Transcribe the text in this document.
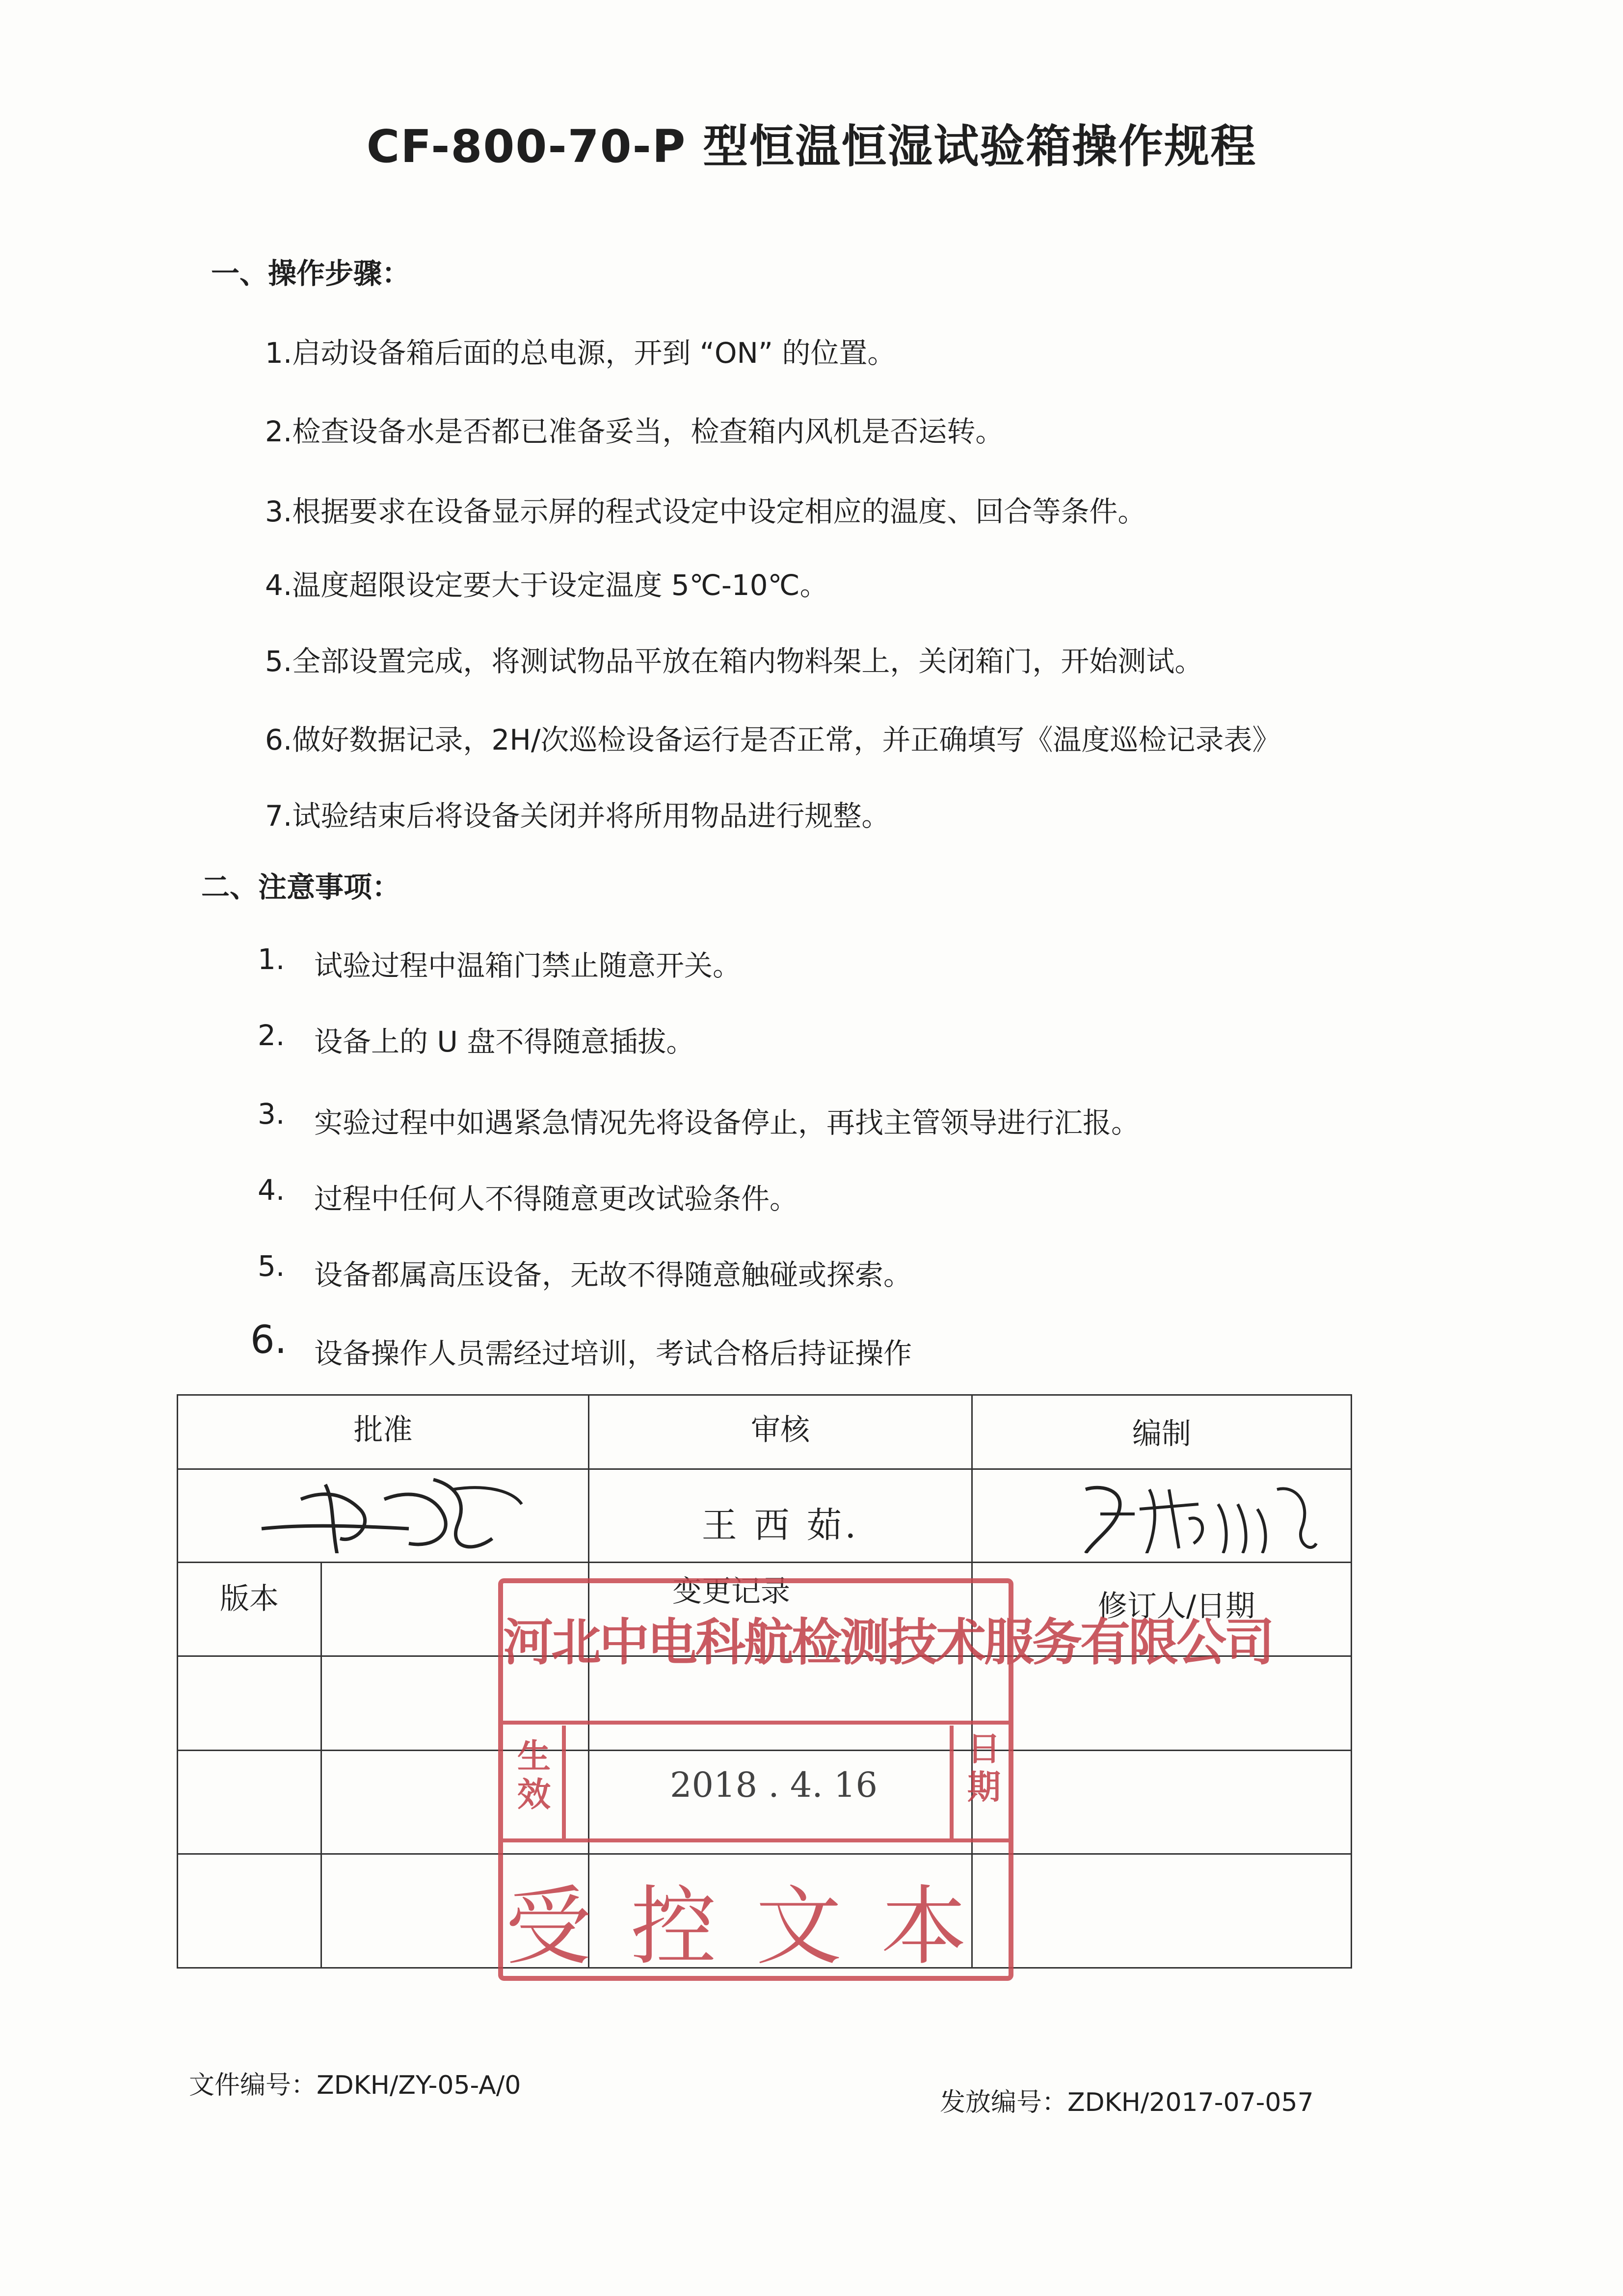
CF-800-70-P 型恒温恒湿试验箱操作规程
一、操作步骤：
1.启动设备箱后面的总电源，开到 “ON” 的位置。
2.检查设备水是否都已准备妥当，检查箱内风机是否运转。
3.根据要求在设备显示屏的程式设定中设定相应的温度、回合等条件。
4.温度超限设定要大于设定温度 5℃-10℃。
5.全部设置完成，将测试物品平放在箱内物料架上，关闭箱门，开始测试。
6.做好数据记录，2H/次巡检设备运行是否正常，并正确填写《温度巡检记录表》
7.试验结束后将设备关闭并将所用物品进行规整。
二、注意事项：
1. 试验过程中温箱门禁止随意开关。
2. 设备上的 U 盘不得随意插拔。
3. 实验过程中如遇紧急情况先将设备停止，再找主管领导进行汇报。
4. 过程中任何人不得随意更改试验条件。
5. 设备都属高压设备，无故不得随意触碰或探索。
6. 设备操作人员需经过培训，考试合格后持证操作
批准	审核	编制

王 西 茹.

版本	变更记录	修订人/日期

河北中电科航检测技术服务有限公司
生效
日期
2018 . 4. 16
受控文本
文件编号：ZDKH/ZY-05-A/0
发放编号：ZDKH/2017-07-057
